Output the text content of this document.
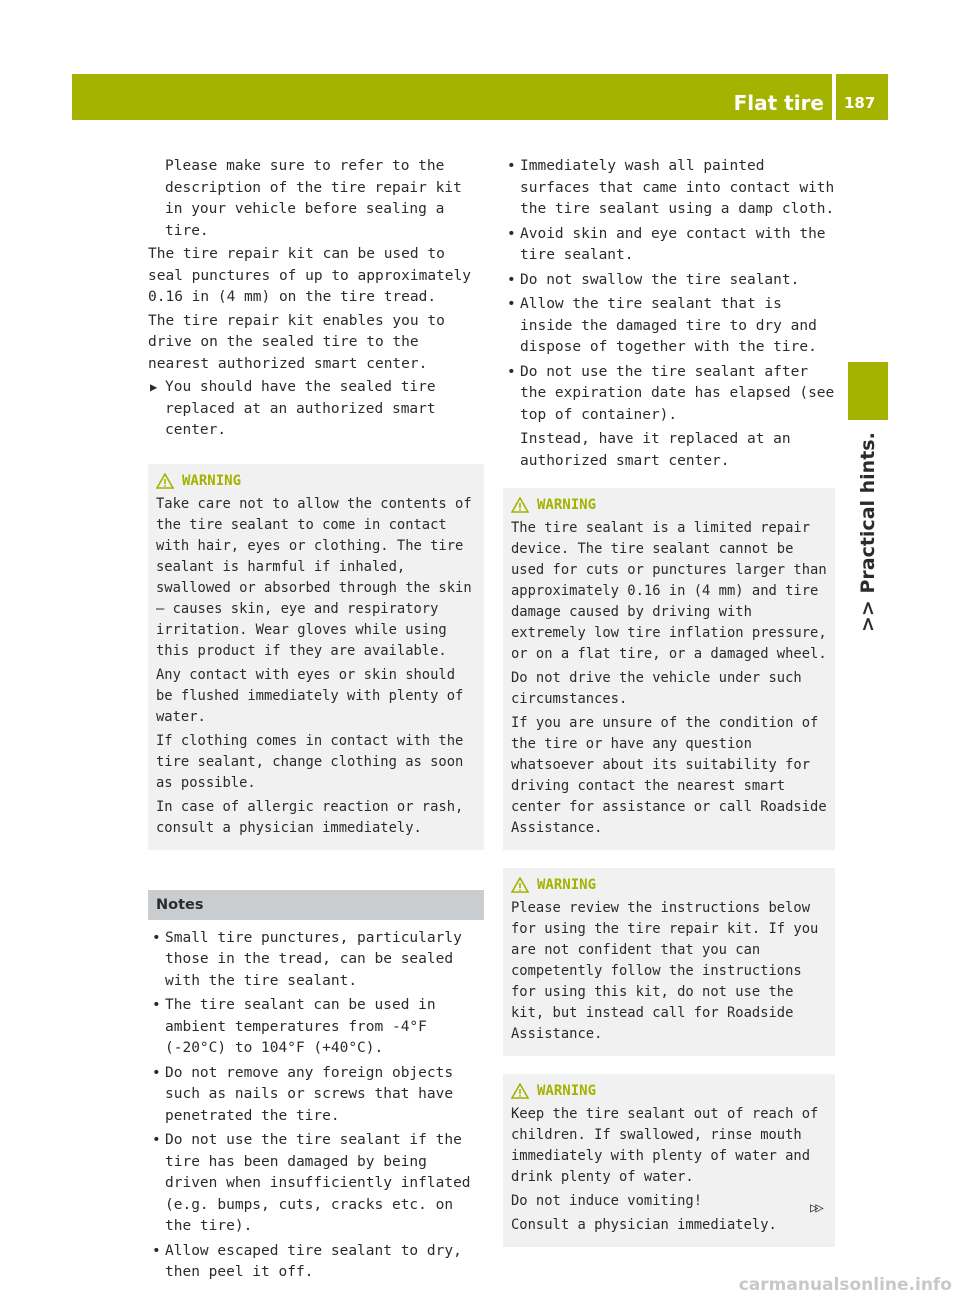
Flat tire	187
>> Practical hints.

Please make sure to refer to the description of the tire repair kit in your vehicle before sealing a tire.

The tire repair kit can be used to seal punctures of up to approximately 0.16 in (4 mm) on the tire tread.

The tire repair kit enables you to drive on the sealed tire to the nearest authorized smart center.

▶ You should have the sealed tire replaced at an authorized smart center.
WARNING

Take care not to allow the contents of the tire sealant to come in contact with hair, eyes or clothing. The tire sealant is harmful if inhaled, swallowed or absorbed through the skin – causes skin, eye and respiratory irritation. Wear gloves while using this product if they are available.

Any contact with eyes or skin should be flushed immediately with plenty of water.

If clothing comes in contact with the tire sealant, change clothing as soon as possible.

In case of allergic reaction or rash, consult a physician immediately.

Notes
• Small tire punctures, particularly those in the tread, can be sealed with the tire sealant.
• The tire sealant can be used in ambient temperatures from -4°F (-20°C) to 104°F (+40°C).
• Do not remove any foreign objects such as nails or screws that have penetrated the tire.
• Do not use the tire sealant if the tire has been damaged by being driven when insufficiently inflated (e.g. bumps, cuts, cracks etc. on the tire).
• Allow escaped tire sealant to dry, then peel it off.
• Immediately wash all painted surfaces that came into contact with the tire sealant using a damp cloth.
• Avoid skin and eye contact with the tire sealant.
• Do not swallow the tire sealant.
• Allow the tire sealant that is inside the damaged tire to dry and dispose of together with the tire.
• Do not use the tire sealant after the expiration date has elapsed (see top of container).

Instead, have it replaced at an authorized smart center.

WARNING

The tire sealant is a limited repair device. The tire sealant cannot be used for cuts or punctures larger than approximately 0.16 in (4 mm) and tire damage caused by driving with extremely low tire inflation pressure, or on a flat tire, or a damaged wheel.

Do not drive the vehicle under such circumstances.

If you are unsure of the condition of the tire or have any question whatsoever about its suitability for driving contact the nearest smart center for assistance or call Roadside Assistance.

WARNING

Please review the instructions below for using the tire repair kit. If you are not confident that you can competently follow the instructions for using this kit, do not use the kit, but instead call for Roadside Assistance.

WARNING

Keep the tire sealant out of reach of children. If swallowed, rinse mouth immediately with plenty of water and drink plenty of water.

Do not induce vomiting!

Consult a physician immediately.

▷▷
carmanualsonline.info
